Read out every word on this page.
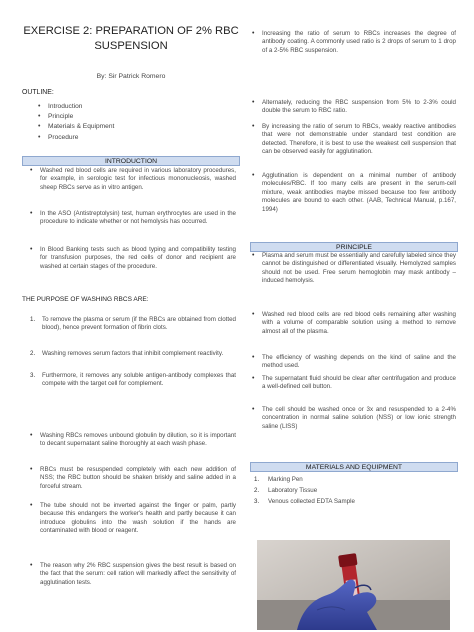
EXERCISE 2: PREPARATION OF 2% RBC
SUSPENSION
By: Sir Patrick Romero
OUTLINE:
• Introduction
• Principle
• Materials & Equipment
• Procedure
INTRODUCTION
• Washed red blood cells are required in various laboratory procedures, for example, in serologic test for infectious mononucleosis, washed sheep RBCs serve as in vitro antigen.
• In the ASO (Antistreptolysin) test, human erythrocytes are used in the procedure to indicate whether or not hemolysis has occurred.
• In Blood Banking tests such as blood typing and compatibility testing for transfusion purposes, the red cells of donor and recipient are washed at certain stages of the procedure.
THE PURPOSE OF WASHING RBCS ARE:
1. To remove the plasma or serum (if the RBCs are obtained from clotted blood), hence prevent formation of fibrin clots.
2. Washing removes serum factors that inhibit complement reactivity.
3. Furthermore, it removes any soluble antigen-antibody complexes that compete with the target cell for complement.
• Washing RBCs removes unbound globulin by dilution, so it is important to decant supernatant saline thoroughly at each wash phase.
• RBCs must be resuspended completely with each new addition of NSS; the RBC button should be shaken briskly and saline added in a forceful stream.
• The tube should not be inverted against the finger or palm, partly because this endangers the worker's health and partly because it can introduce globulins into the wash solution if the hands are contaminated with blood or reagent.
• The reason why 2% RBC suspension gives the best result is based on the fact that the serum: cell ration will markedly affect the sensitivity of agglutination tests.
• Increasing the ratio of serum to RBCs increases the degree of antibody coating. A commonly used ratio is 2 drops of serum to 1 drop of a 2-5% RBC suspension.
• Alternately, reducing the RBC suspension from 5% to 2-3% could double the serum to RBC ratio.
• By increasing the ratio of serum to RBCs, weakly reactive antibodies that were not demonstrable under standard test condition are detected. Therefore, it is best to use the weakest cell suspension that can be observed easily for agglutination.
• Agglutination is dependent on a minimal number of antibody molecules/RBC. If too many cells are present in the serum-cell mixture, weak antibodies maybe missed because too few antibody molecules are bound to each other. (AAB, Technical Manual, p.167, 1994)
PRINCIPLE
• Plasma and serum must be essentially and carefully labeled since they cannot be distinguished or differentiated visually. Hemolyzed samples should not be used. Free serum hemoglobin may mask antibody – induced hemolysis.
• Washed red blood cells are red blood cells remaining after washing with a volume of comparable solution using a method to remove almost all of the plasma.
• The efficiency of washing depends on the kind of saline and the method used.
• The supernatant fluid should be clear after centrifugation and produce a well-defined cell button.
• The cell should be washed once or 3x and resuspended to a 2-4% concentration in normal saline solution (NSS) or low ionic strength saline (LISS)
MATERIALS AND EQUIPMENT
1. Marking Pen
2. Laboratory Tissue
3. Venous collected EDTA Sample
